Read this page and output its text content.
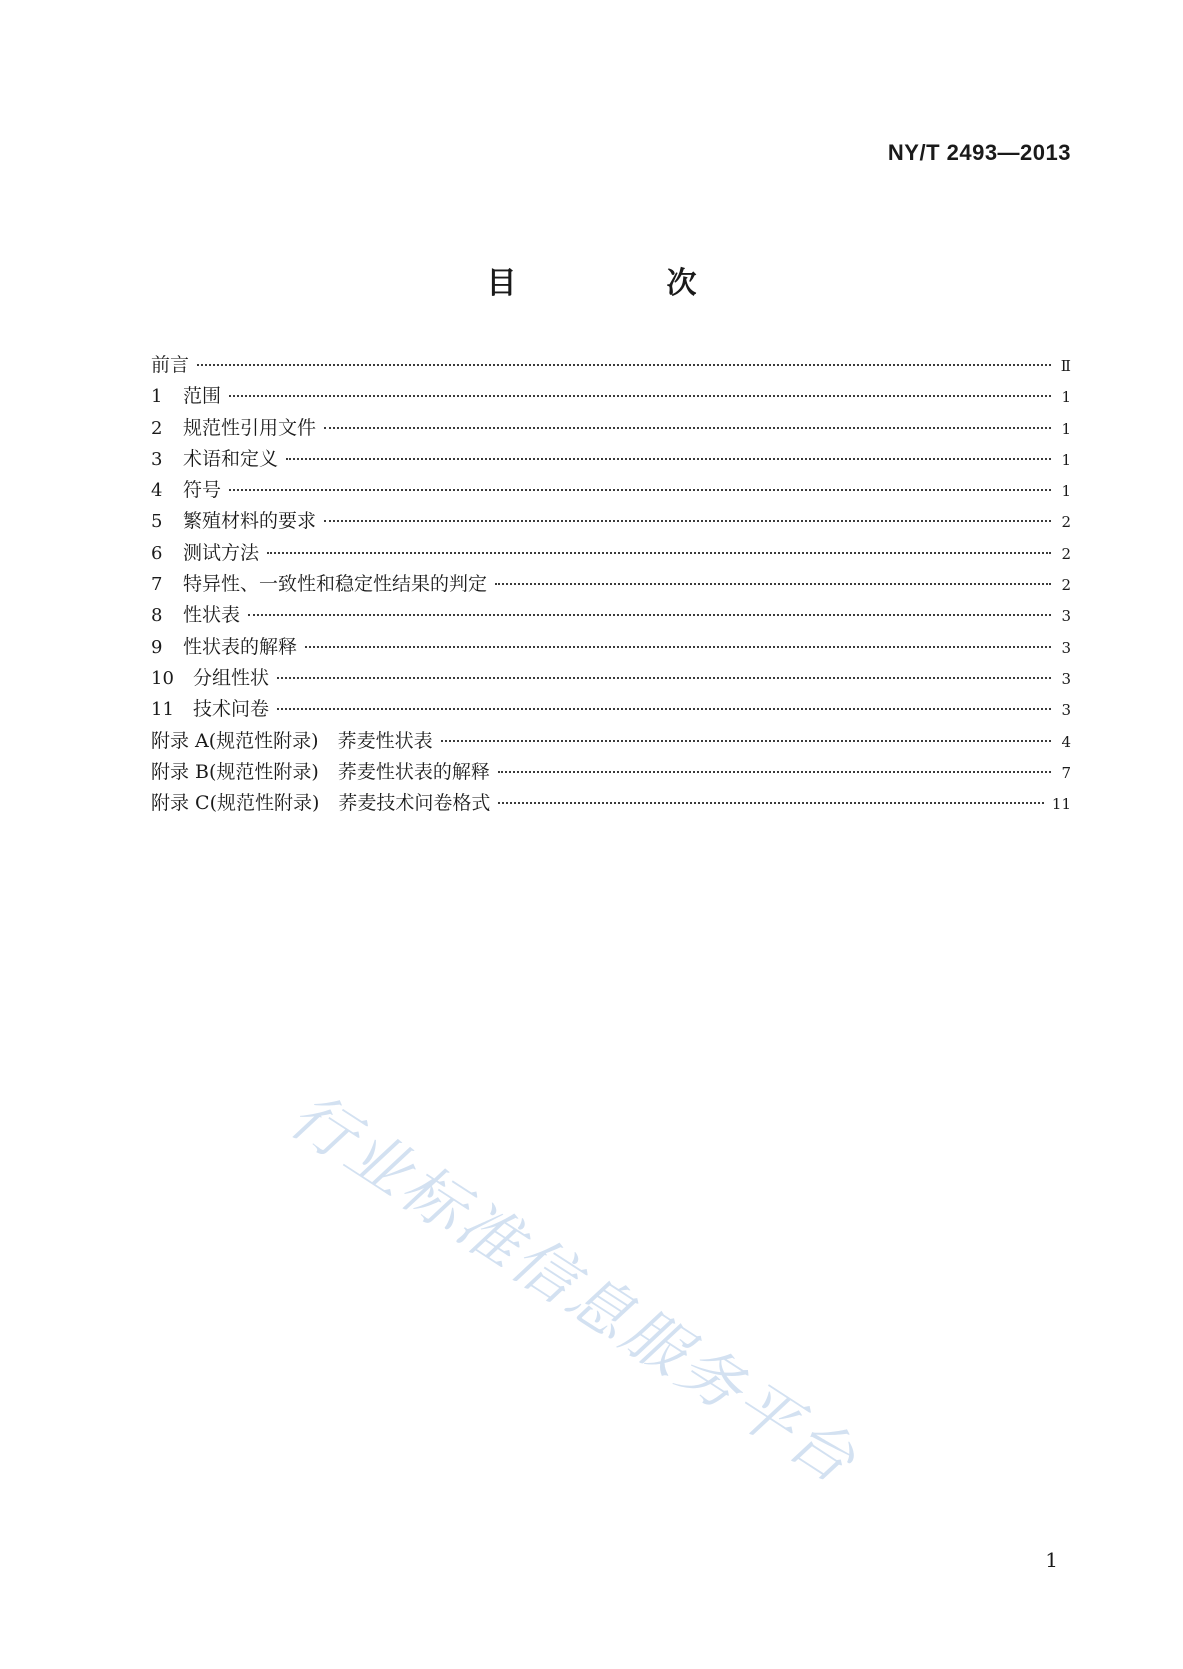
NY/T 2493—2013
目　次
前言	Ⅱ
1	范围	1
2	规范性引用文件	1
3	术语和定义	1
4	符号	1
5	繁殖材料的要求	2
6	测试方法	2
7	特异性、一致性和稳定性结果的判定	2
8	性状表	3
9	性状表的解释	3
10	分组性状	3
11	技术问卷	3
附录 A(规范性附录)　荞麦性状表	4
附录 B(规范性附录)　荞麦性状表的解释	7
附录 C(规范性附录)　荞麦技术问卷格式	11
行业标准信息服务平台
1
